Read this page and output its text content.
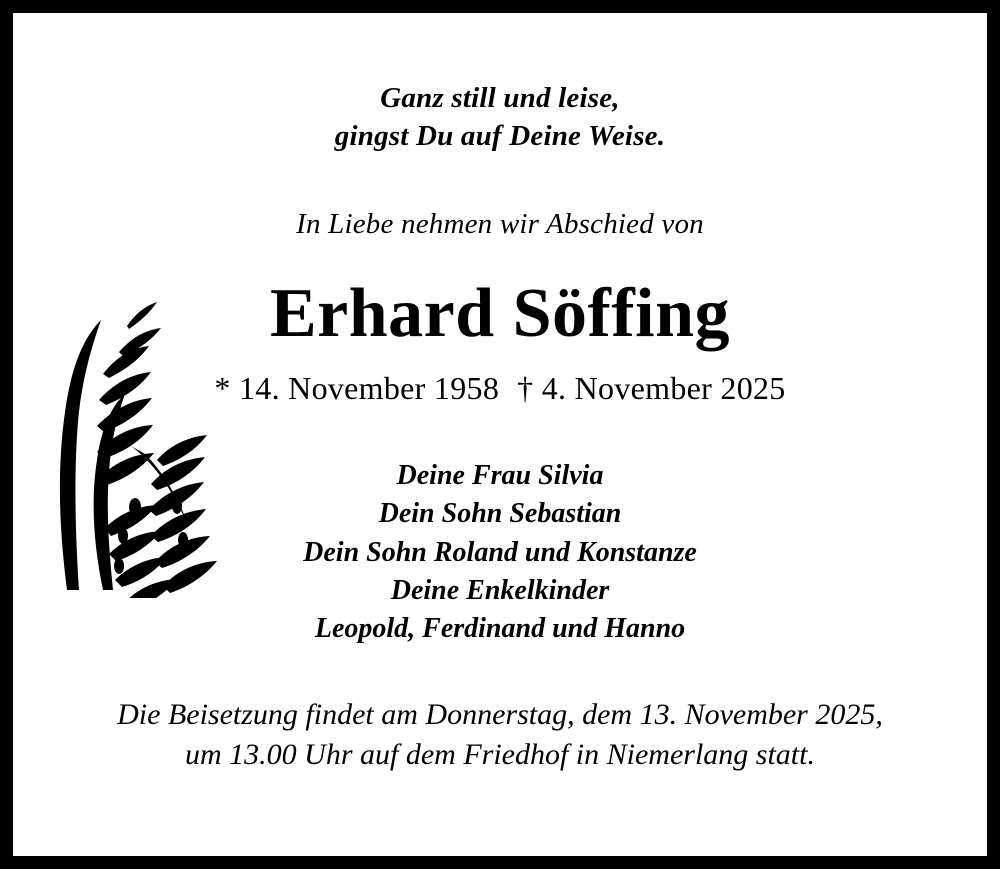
Ganz still und leise,
gingst Du auf Deine Weise.
In Liebe nehmen wir Abschied von
Erhard Söffing
* 14. November 1958 † 4. November 2025
Deine Frau Silvia
Dein Sohn Sebastian
Dein Sohn Roland und Konstanze
Deine Enkelkinder
Leopold, Ferdinand und Hanno
Die Beisetzung findet am Donnerstag, dem 13. November 2025,
um 13.00 Uhr auf dem Friedhof in Niemerlang statt.
